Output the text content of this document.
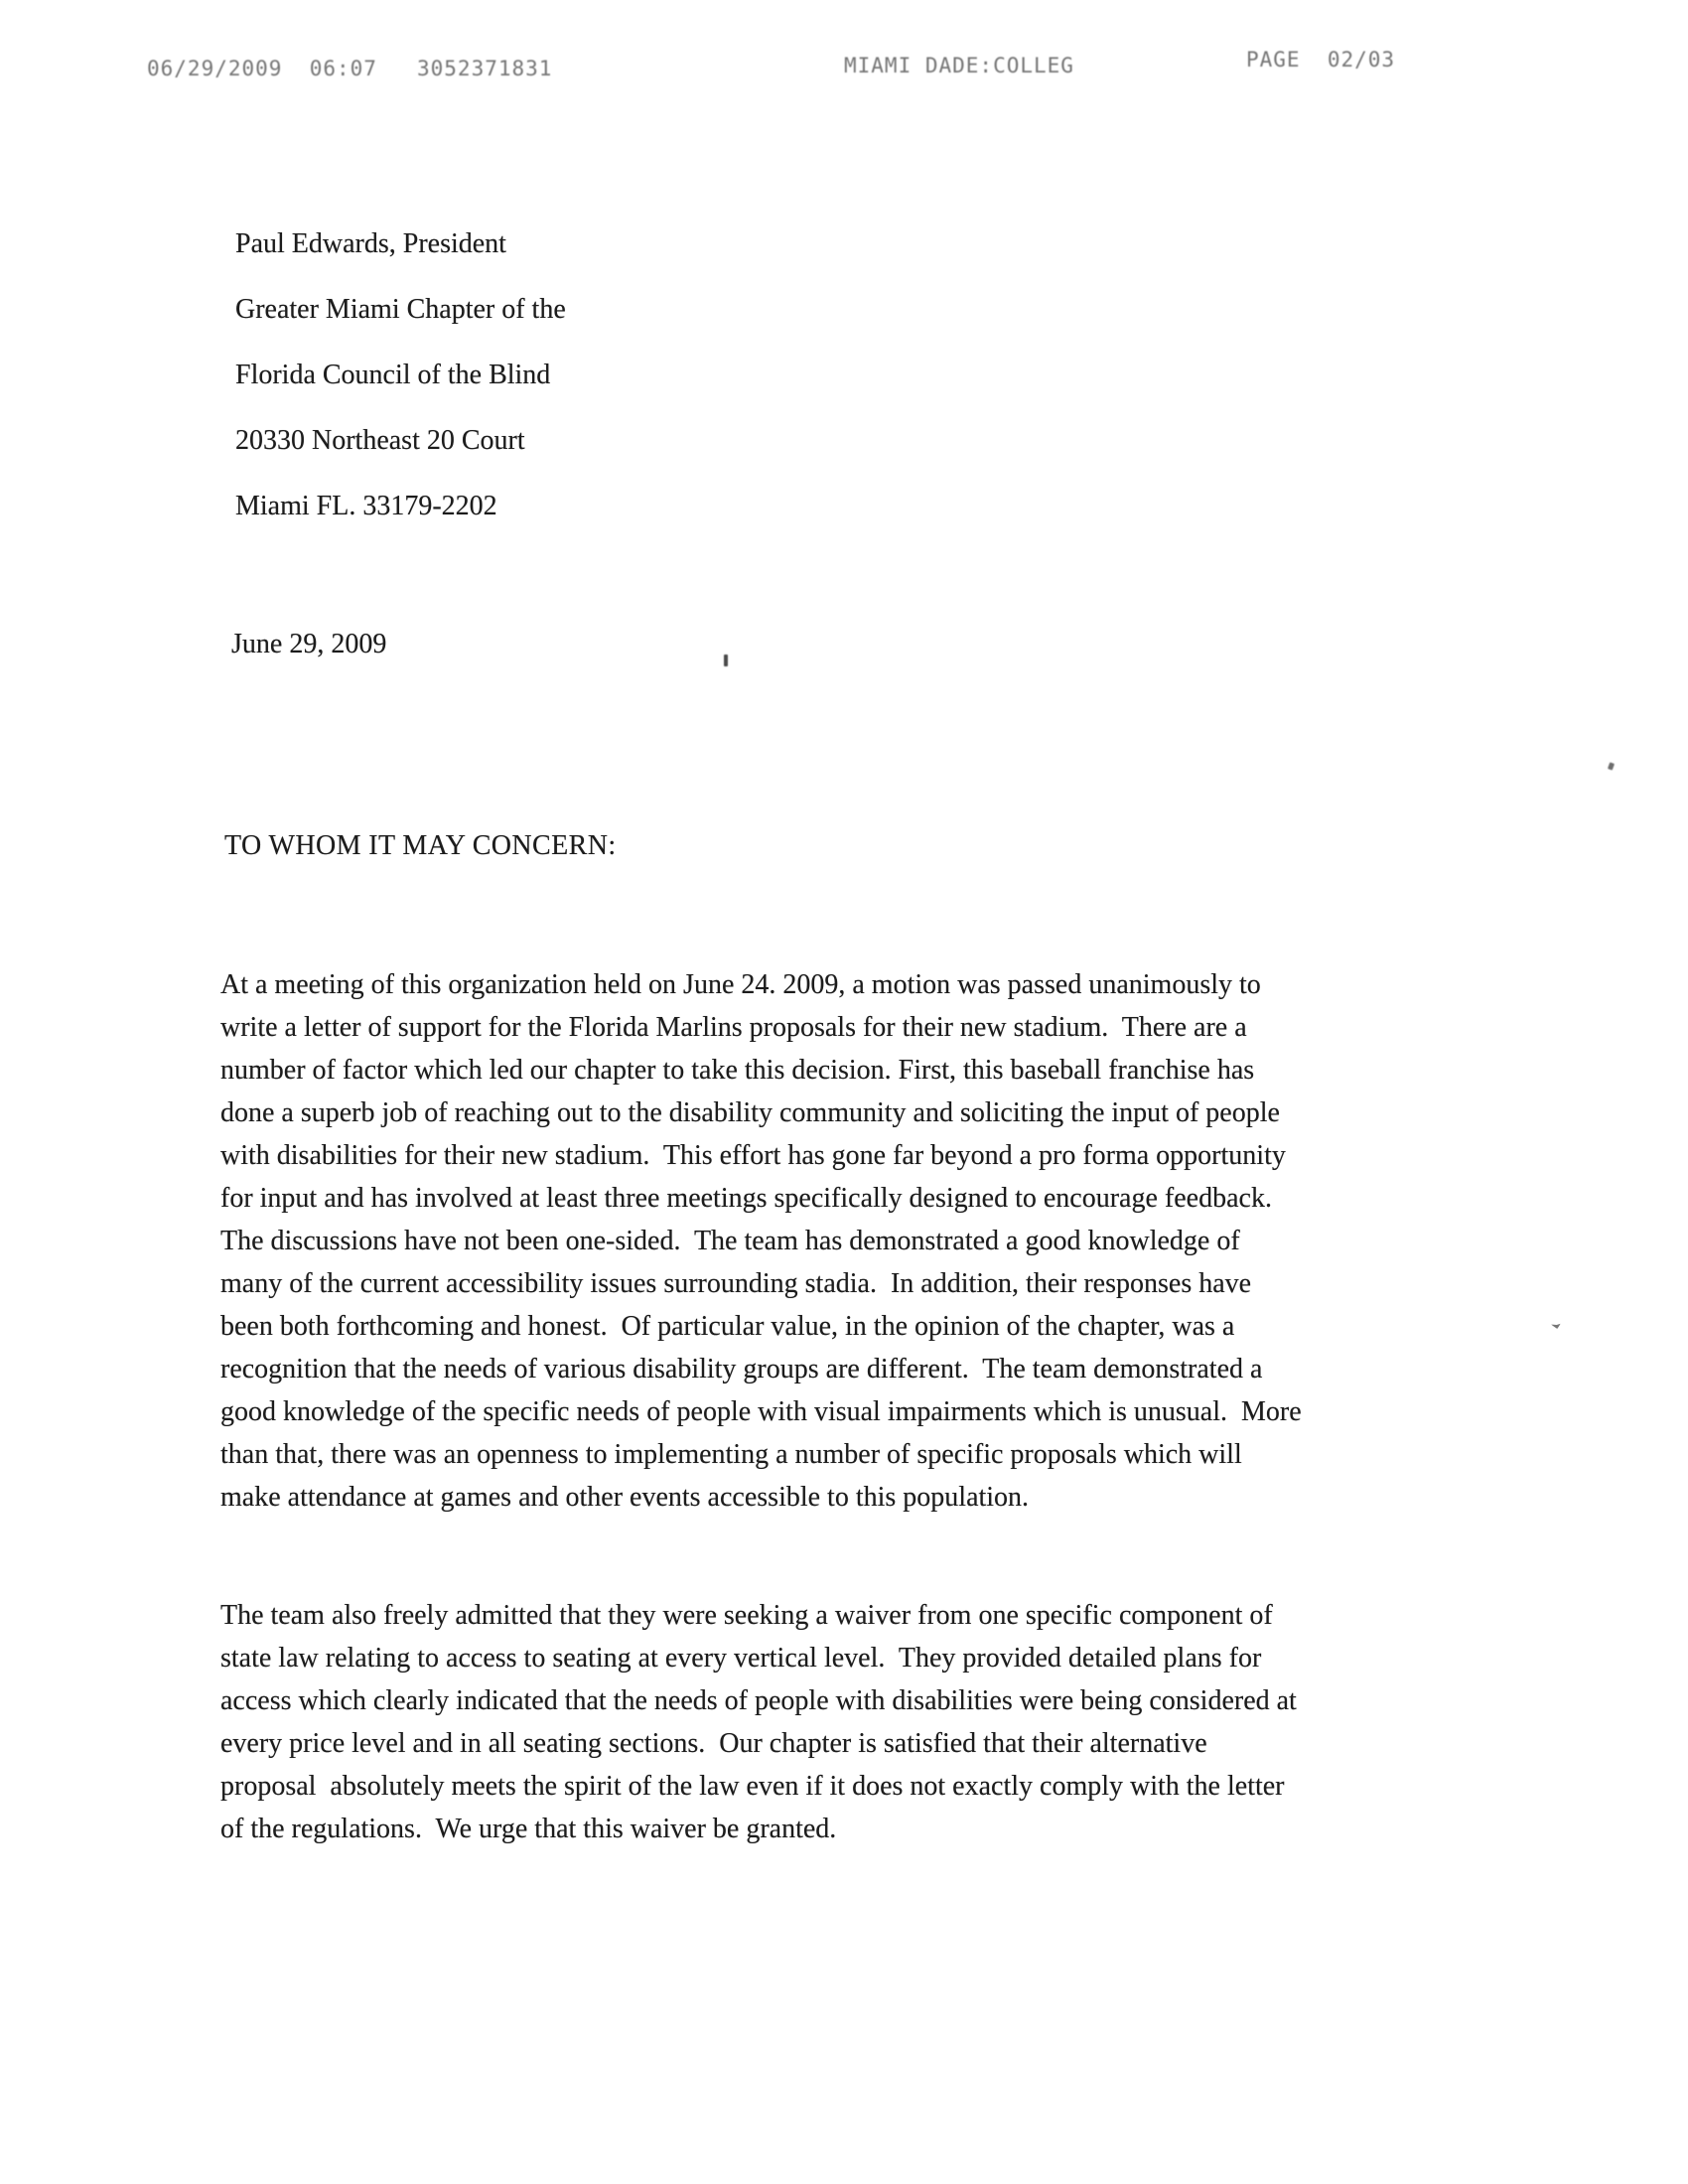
06/29/2009  06:07 3052371831	MIAMI DADE:COLLEG	PAGE  02/03
Paul Edwards, President
Greater Miami Chapter of the
Florida Council of the Blind
20330 Northeast 20 Court
Miami FL. 33179-2202
June 29, 2009
TO WHOM IT MAY CONCERN:
At a meeting of this organization held on June 24. 2009, a motion was passed unanimously to
write a letter of support for the Florida Marlins proposals for their new stadium.  There are a
number of factor which led our chapter to take this decision. First, this baseball franchise has
done a superb job of reaching out to the disability community and soliciting the input of people
with disabilities for their new stadium.  This effort has gone far beyond a pro forma opportunity
for input and has involved at least three meetings specifically designed to encourage feedback.
The discussions have not been one-sided.  The team has demonstrated a good knowledge of
many of the current accessibility issues surrounding stadia.  In addition, their responses have
been both forthcoming and honest.  Of particular value, in the opinion of the chapter, was a
recognition that the needs of various disability groups are different.  The team demonstrated a
good knowledge of the specific needs of people with visual impairments which is unusual.  More
than that, there was an openness to implementing a number of specific proposals which will
make attendance at games and other events accessible to this population.
The team also freely admitted that they were seeking a waiver from one specific component of
state law relating to access to seating at every vertical level.  They provided detailed plans for
access which clearly indicated that the needs of people with disabilities were being considered at
every price level and in all seating sections.  Our chapter is satisfied that their alternative
proposal  absolutely meets the spirit of the law even if it does not exactly comply with the letter
of the regulations.  We urge that this waiver be granted.
